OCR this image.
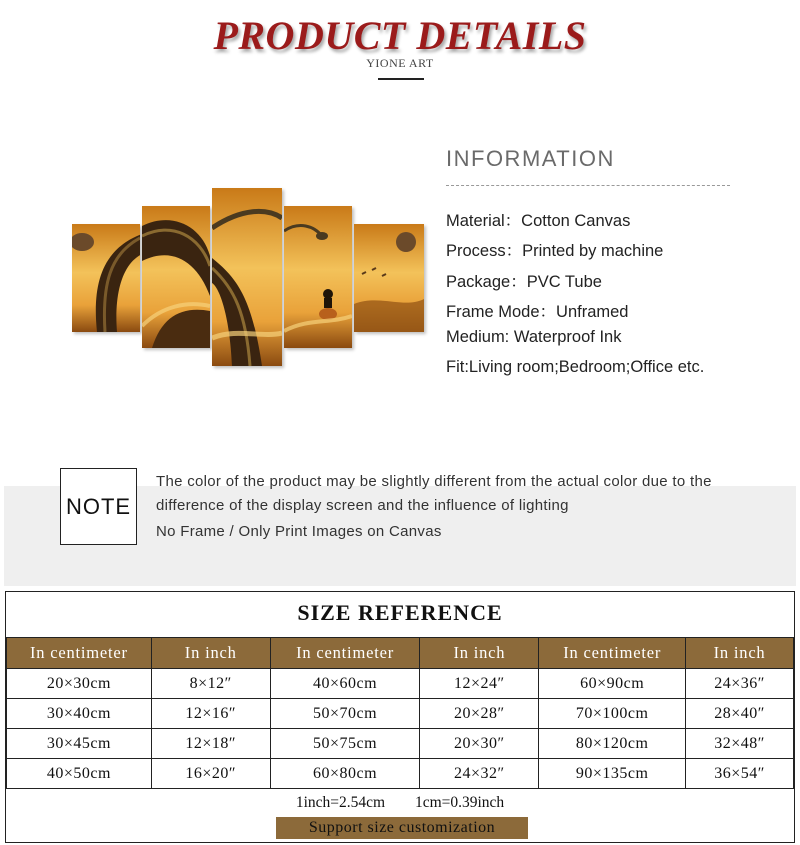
PRODUCT DETAILS
YIONE ART
INFORMATION
Material：Cotton Canvas
Process：Printed by machine
Package：PVC Tube
Frame Mode：Unframed
Medium: Waterproof Ink
Fit:Living room;Bedroom;Office etc.
NOTE
The color of the product may be slightly different from the actual color due to the difference of the display screen and the influence of lighting
No Frame / Only Print Images on Canvas
SIZE REFERENCE
In centimeter	In inch	In centimeter	In inch	In centimeter	In inch
20×30cm	8×12″	40×60cm	12×24″	60×90cm	24×36″
30×40cm	12×16″	50×70cm	20×28″	70×100cm	28×40″
30×45cm	12×18″	50×75cm	20×30″	80×120cm	32×48″
40×50cm	16×20″	60×80cm	24×32″	90×135cm	36×54″
1inch=2.54cm 1cm=0.39inch
Support size customization
